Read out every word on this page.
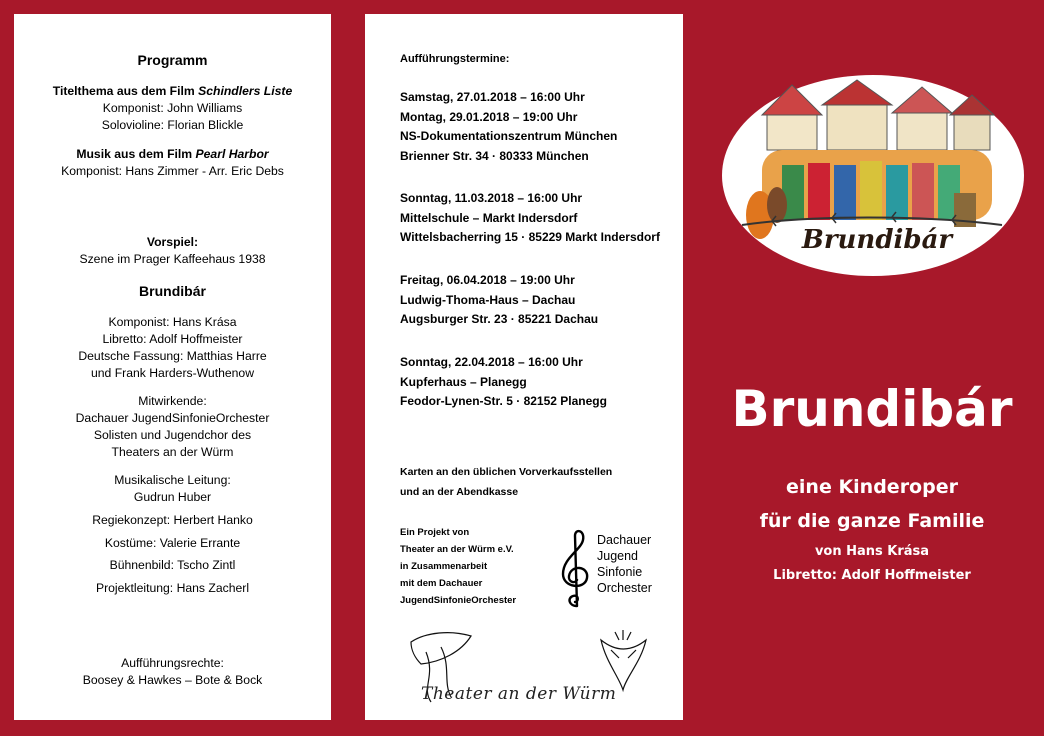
Programm
Titelthema aus dem Film Schindlers Liste
Komponist: John Williams
Solovioline: Florian Blickle
Musik aus dem Film Pearl Harbor
Komponist: Hans Zimmer - Arr. Eric Debs
Vorspiel:
Szene im Prager Kaffeehaus 1938
Brundibár
Komponist: Hans Krása
Libretto: Adolf Hoffmeister
Deutsche Fassung: Matthias Harre
und Frank Harders-Wuthenow
Mitwirkende:
Dachauer JugendSinfonieOrchester
Solisten und Jugendchor des
Theaters an der Würm
Musikalische Leitung:
Gudrun Huber
Regiekonzept: Herbert Hanko
Kostüme: Valerie Errante
Bühnenbild: Tscho Zintl
Projektleitung: Hans Zacherl
Aufführungsrechte:
Boosey & Hawkes – Bote & Bock
Aufführungstermine:
Samstag, 27.01.2018 – 16:00 Uhr
Montag, 29.01.2018 – 19:00 Uhr
NS-Dokumentationszentrum München
Brienner Str. 34 · 80333 München
Sonntag, 11.03.2018 – 16:00 Uhr
Mittelschule – Markt Indersdorf
Wittelsbacherring 15 · 85229 Markt Indersdorf
Freitag, 06.04.2018 – 19:00 Uhr
Ludwig-Thoma-Haus – Dachau
Augsburger Str. 23 · 85221 Dachau
Sonntag, 22.04.2018 – 16:00 Uhr
Kupferhaus – Planegg
Feodor-Lynen-Str. 5 · 82152 Planegg
Karten an den üblichen Vorverkaufsstellen
und an der Abendkasse
Ein Projekt von
Theater an der Würm e.V.
in Zusammenarbeit
mit dem Dachauer
JugendSinfonieOrchester
Dachauer
Jugend
Sinfonie
Orchester
Theater an der Würm
Brundibár
Brundibár
eine Kinderoper
für die ganze Familie
von Hans Krása
Libretto: Adolf Hoffmeister
